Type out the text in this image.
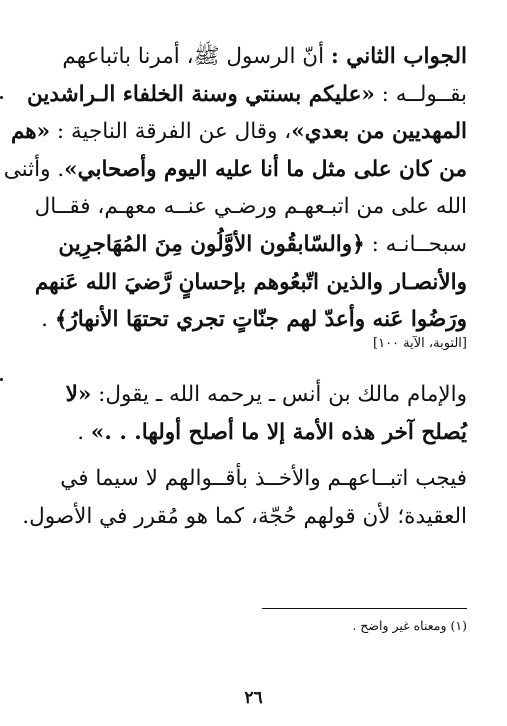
الجواب الثاني : أنّ الرسول ﷺ، أمرنا باتباعهم
بقــولــه : «عليكم بسنتي وسنة الخلفاء الـراشدين
المهديين من بعدي»، وقال عن الفرقة الناجية : «هم
من كان على مثل ما أنا عليه اليوم وأصحابي». وأثنى
الله على من اتبـعهـم ورضـي عنــه معهـم، فقــال
سبحــانـه : ﴿والسّابقُون الأوَّلُون مِنَ المُهَاجرِين
والأنصـار والذين اتّبعُوهم بإحسانٍ رَّضيَ الله عَنهم
ورَضُوا عَنه وأعدّ لهم جنّاتٍ تجري تحتهَا الأنهارُ﴾ .
[التوبة، الآية ١٠٠]
والإمام مالك بن أنس ـ يرحمه الله ـ يقول: «لا
يُصلح آخر هذه الأمة إلا ما أصلح أولها. . .» .
فيجب اتبــاعهـم والأخــذ بأقــوالهم لا سيما في
العقيدة؛ لأن قولهم حُجّة، كما هو مُقرر في الأصول.
(١) ومعناه غير واضح .
٢٦
